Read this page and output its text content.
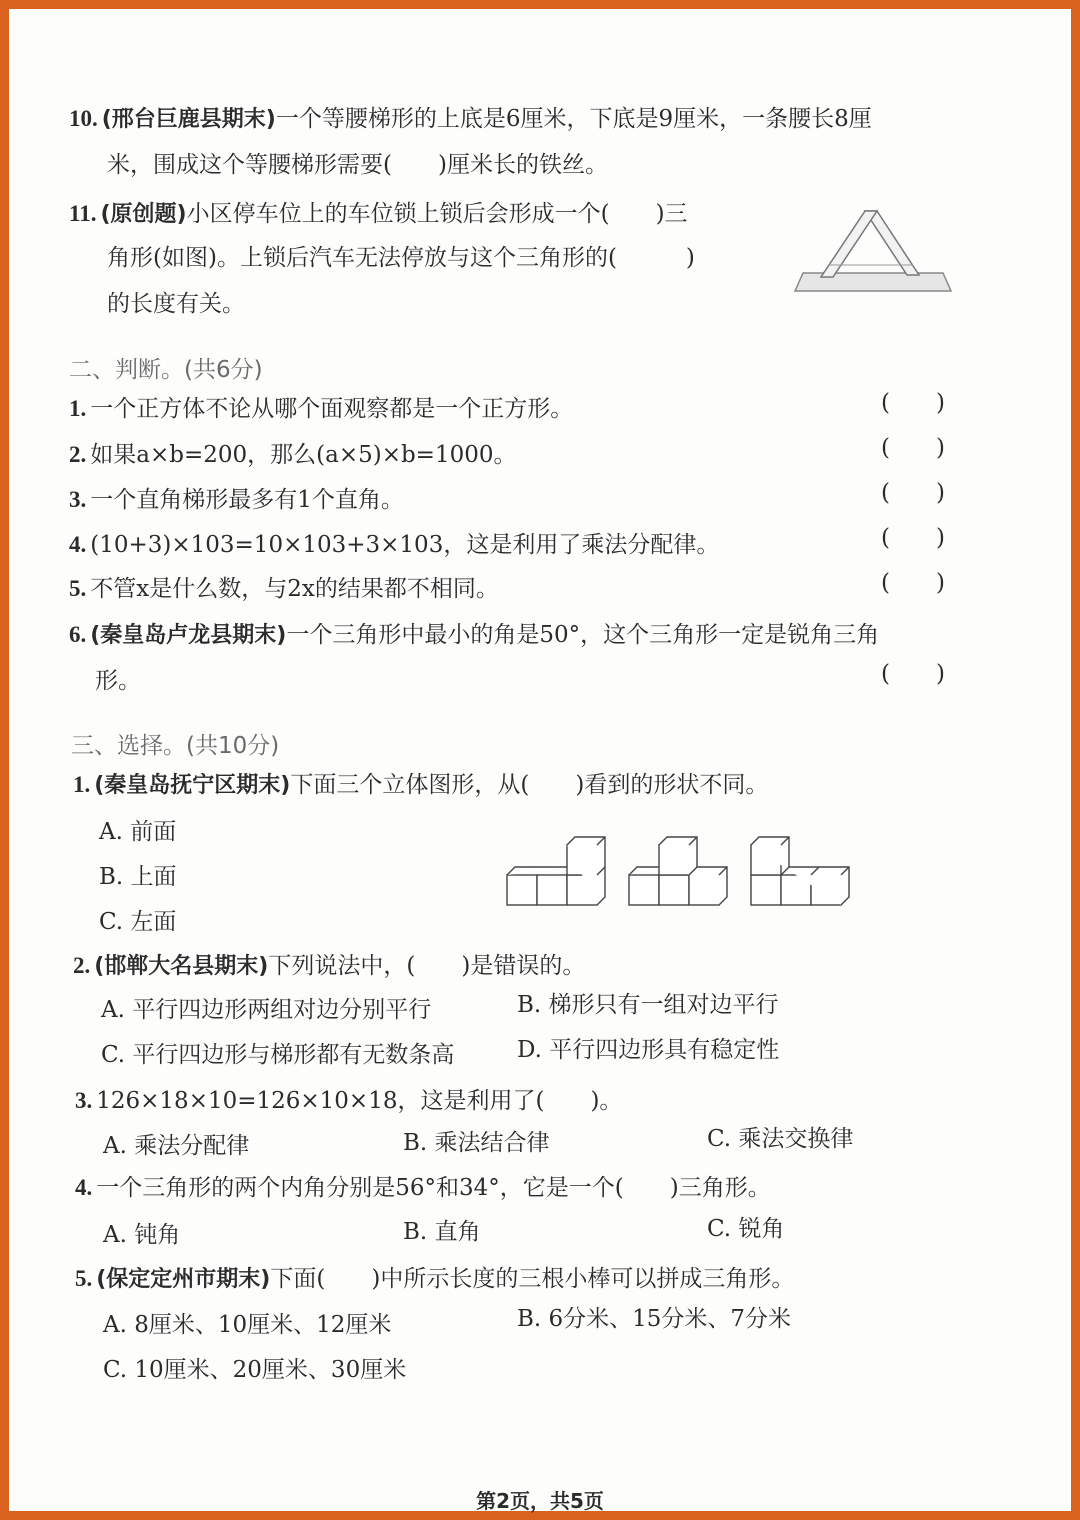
10. (邢台巨鹿县期末)一个等腰梯形的上底是6厘米，下底是9厘米，一条腰长8厘
米，围成这个等腰梯形需要(　　)厘米长的铁丝。
11. (原创题)小区停车位上的车位锁上锁后会形成一个(　　)三
角形(如图)。上锁后汽车无法停放与这个三角形的(　　　)
的长度有关。
二、判断。(共6分)
1. 一个正方体不论从哪个面观察都是一个正方形。	()
2. 如果a×b=200，那么(a×5)×b=1000。	()
3. 一个直角梯形最多有1个直角。	()
4. (10+3)×103=10×103+3×103，这是利用了乘法分配律。	()
5. 不管x是什么数，与2x的结果都不相同。	()
6. (秦皇岛卢龙县期末)一个三角形中最小的角是50°，这个三角形一定是锐角三角
形。	()
三、选择。(共10分)
1. (秦皇岛抚宁区期末)下面三个立体图形，从(　　)看到的形状不同。
A. 前面
B. 上面
C. 左面
2. (邯郸大名县期末)下列说法中，(　　)是错误的。
A. 平行四边形两组对边分别平行	B. 梯形只有一组对边平行
C. 平行四边形与梯形都有无数条高	D. 平行四边形具有稳定性
3. 126×18×10=126×10×18，这是利用了(　　)。
A. 乘法分配律	B. 乘法结合律	C. 乘法交换律
4. 一个三角形的两个内角分别是56°和34°，它是一个(　　)三角形。
A. 钝角	B. 直角	C. 锐角
5. (保定定州市期末)下面(　　)中所示长度的三根小棒可以拼成三角形。
A. 8厘米、10厘米、12厘米	B. 6分米、15分米、7分米
C. 10厘米、20厘米、30厘米
第2页，共5页
